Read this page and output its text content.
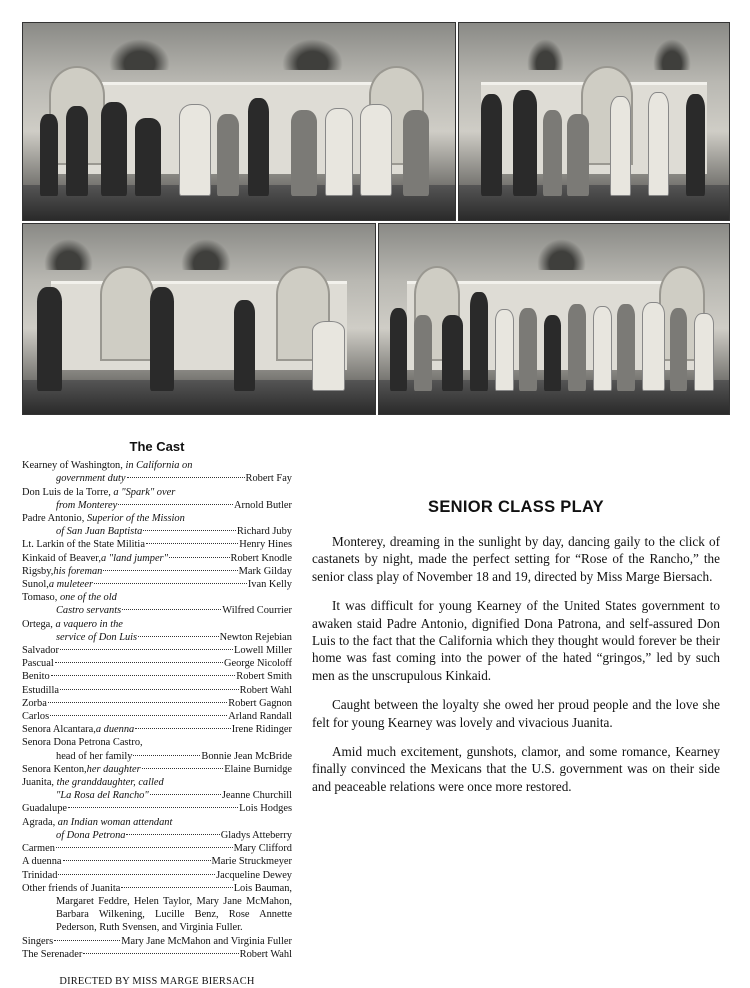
The Cast
Kearney of Washington, in California on
government duty	Robert Fay
Don Luis de la Torre, a "Spark" over
from Monterey	Arnold Butler
Padre Antonio, Superior of the Mission
of San Juan Baptista	Richard Juby
Lt. Larkin of the State Militia	Henry Hines
Kinkaid of Beaver, a "land jumper"	Robert Knodle
Rigsby, his foreman	Mark Gilday
Sunol, a muleteer	Ivan Kelly
Tomaso, one of the old
Castro servants	Wilfred Courrier
Ortega, a vaquero in the
service of Don Luis	Newton Rejebian
Salvador	Lowell Miller
Pascual	George Nicoloff
Benito	Robert Smith
Estudilla	Robert Wahl
Zorba	Robert Gagnon
Carlos	Arland Randall
Senora Alcantara, a duenna	Irene Ridinger
Senora Dona Petrona Castro,
head of her family	Bonnie Jean McBride
Senora Kenton, her daughter	Elaine Burnidge
Juanita, the granddaughter, called
"La Rosa del Rancho"	Jeanne Churchill
Guadalupe	Lois Hodges
Agrada, an Indian woman attendant
of Dona Petrona	Gladys Atteberry
Carmen	Mary Clifford
A duenna	Marie Struckmeyer
Trinidad	Jacqueline Dewey
Other friends of Juanita	Lois Bauman,
Margaret Feddre, Helen Taylor, Mary Jane McMahon, Barbara Wilkening, Lucille Benz, Rose Annette Pederson, Ruth Svensen, and Virginia Fuller.
Singers	Mary Jane McMahon and Virginia Fuller
The Serenader	Robert Wahl
DIRECTED BY MISS MARGE BIERSACH
SENIOR CLASS PLAY

Monterey, dreaming in the sunlight by day, dancing gaily to the click of castanets by night, made the perfect setting for “Rose of the Rancho,” the senior class play of November 18 and 19, directed by Miss Marge Biersach.

It was difficult for young Kearney of the United States government to awaken staid Padre Antonio, dignified Dona Patrona, and self-assured Don Luis to the fact that the California which they thought would forever be their home was fast coming into the power of the hated “gringos,” led by such men as the unscrupulous Kinkaid.

Caught between the loyalty she owed her proud people and the love she felt for young Kearney was lovely and vivacious Juanita.

Amid much excitement, gunshots, clamor, and some romance, Kearney finally convinced the Mexicans that the U.S. government was on their side and peaceable relations were once more restored.
